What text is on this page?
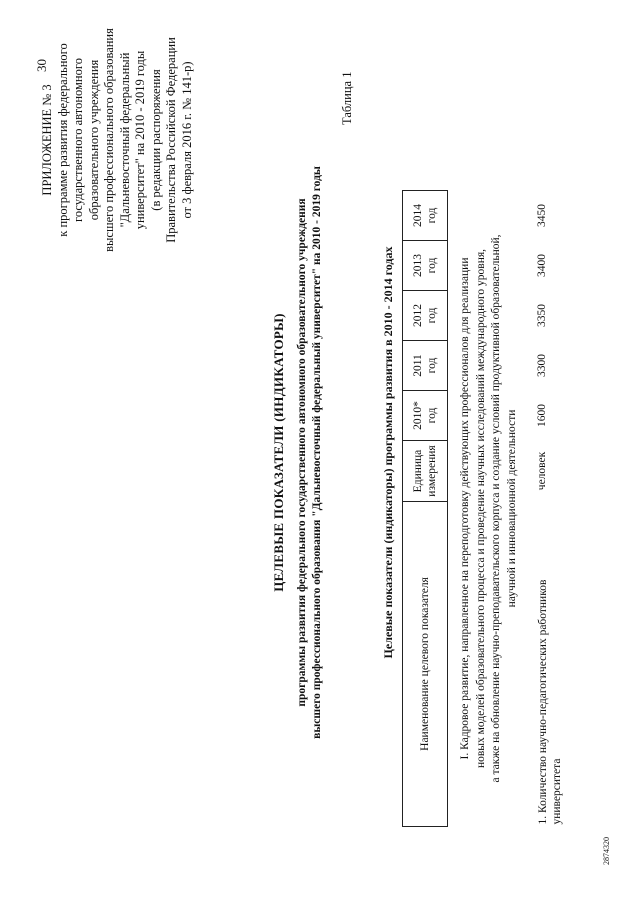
30
ПРИЛОЖЕНИЕ № 3 к программе развития федерального государственного автономного образовательного учреждения высшего профессионального образования "Дальневосточный федеральный университет" на 2010 - 2019 годы (в редакции распоряжения Правительства Российской Федерации от 3 февраля 2016 г. № 141-р)
ЦЕЛЕВЫЕ ПОКАЗАТЕЛИ (ИНДИКАТОРЫ) программы развития федерального государственного автономного образовательного учреждения высшего профессионального образования "Дальневосточный федеральный университет" на 2010 - 2019 годы
Таблица 1
Целевые показатели (индикаторы) программы развития в 2010 - 2014 годах
Наименование целевого показателя	Единица измерения	2010* год	2011 год	2012 год	2013 год	2014 год

I. Кадровое развитие, направленное на переподготовку действующих профессионалов для реализации новых моделей образовательного процесса и проведение научных исследований международного уровня, а также на обновление научно-преподавательского корпуса и создание условий продуктивной образовательной, научной и инновационной деятельности						

1. Количество научно-педагогических работников университета	человек	1600	3300	3350	3400	3450
2874320
